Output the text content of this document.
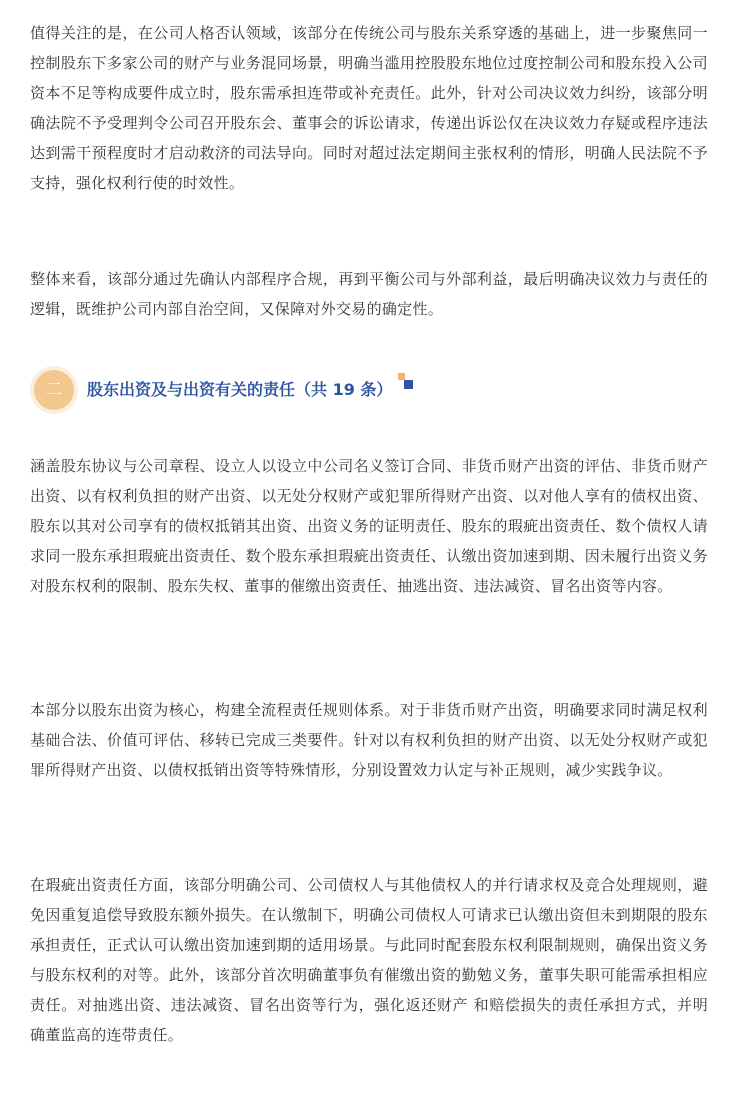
值得关注的是，在公司人格否认领域，该部分在传统公司与股东关系穿透的基础上，进一步聚焦同一控制股东下多家公司的财产与业务混同场景，明确当滥用控股股东地位过度控制公司和股东投入公司资本不足等构成要件成立时，股东需承担连带或补充责任。此外，针对公司决议效力纠纷，该部分明确法院不予受理判令公司召开股东会、董事会的诉讼请求，传递出诉讼仅在决议效力存疑或程序违法达到需干预程度时才启动救济的司法导向。同时对超过法定期间主张权利的情形，明确人民法院不予支持，强化权利行使的时效性。

整体来看，该部分通过先确认内部程序合规，再到平衡公司与外部利益，最后明确决议效力与责任的逻辑，既维护公司内部自治空间，又保障对外交易的确定性。

二	股东出资及与出资有关的责任（共 19 条）

涵盖股东协议与公司章程、设立人以设立中公司名义签订合同、非货币财产出资的评估、非货币财产出资、以有权利负担的财产出资、以无处分权财产或犯罪所得财产出资、以对他人享有的债权出资、股东以其对公司享有的债权抵销其出资、出资义务的证明责任、股东的瑕疵出资责任、数个债权人请求同一股东承担瑕疵出资责任、数个股东承担瑕疵出资责任、认缴出资加速到期、因未履行出资义务对股东权利的限制、股东失权、董事的催缴出资责任、抽逃出资、违法减资、冒名出资等内容。

本部分以股东出资为核心，构建全流程责任规则体系。对于非货币财产出资，明确要求同时满足权利基础合法、价值可评估、移转已完成三类要件。针对以有权利负担的财产出资、以无处分权财产或犯罪所得财产出资、以债权抵销出资等特殊情形，分别设置效力认定与补正规则，减少实践争议。

在瑕疵出资责任方面，该部分明确公司、公司债权人与其他债权人的并行请求权及竞合处理规则，避免因重复追偿导致股东额外损失。在认缴制下，明确公司债权人可请求已认缴出资但未到期限的股东承担责任，正式认可认缴出资加速到期的适用场景。与此同时配套股东权利限制规则，确保出资义务与股东权利的对等。此外，该部分首次明确董事负有催缴出资的勤勉义务，董事失职可能需承担相应责任。对抽逃出资、违法减资、冒名出资等行为，强化返还财产 和赔偿损失的责任承担方式，并明确董监高的连带责任。
